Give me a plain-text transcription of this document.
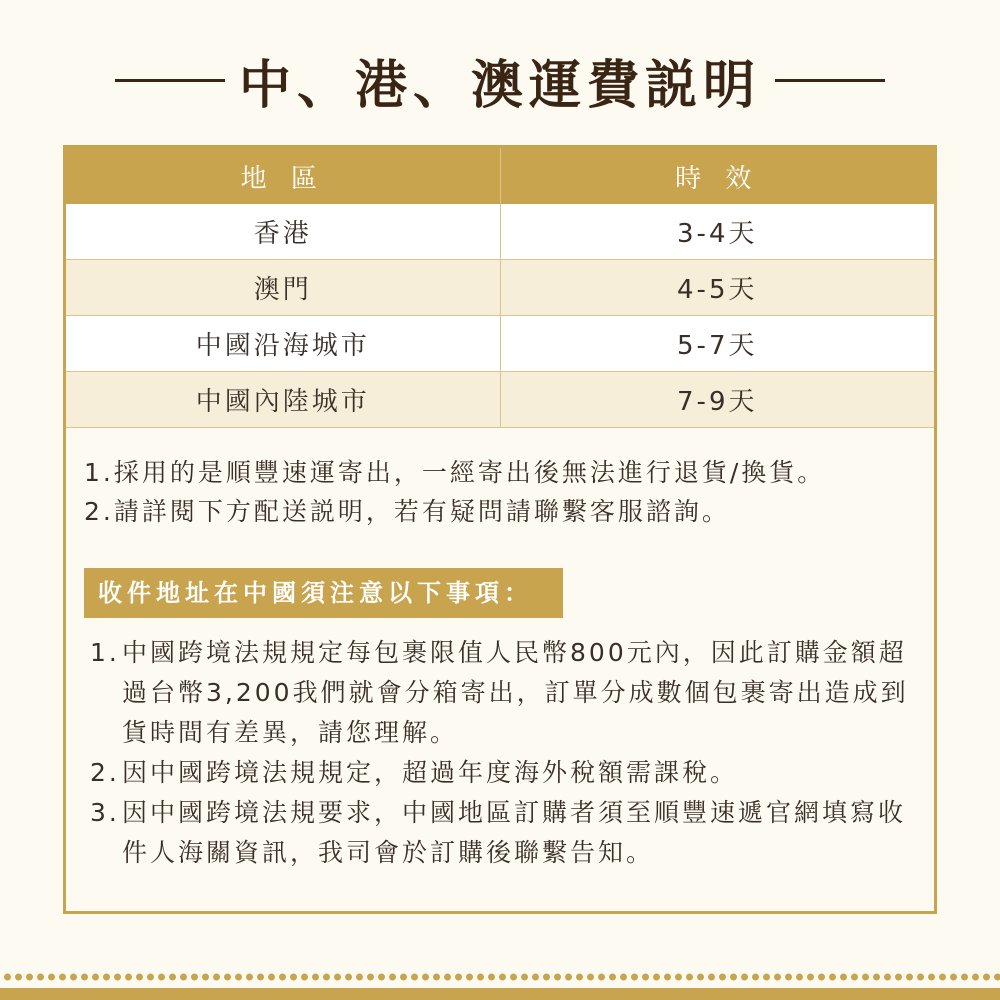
中、港、澳運費説明
地 區	時 效
香港	3-4天
澳門	4-5天
中國沿海城市	5-7天
中國內陸城市	7-9天
1.採用的是順豐速運寄出，一經寄出後無法進行退貨/換貨。
2.請詳閱下方配送説明，若有疑問請聯繫客服諮詢。
收件地址在中國須注意以下事項：
1. 中國跨境法規規定每包裹限值人民幣800元內，因此訂購金額超過台幣3,200我們就會分箱寄出，訂單分成數個包裹寄出造成到貨時間有差異，請您理解。
2. 因中國跨境法規規定，超過年度海外稅額需課稅。
3. 因中國跨境法規要求，中國地區訂購者須至順豐速遞官網填寫收件人海關資訊，我司會於訂購後聯繫告知。
